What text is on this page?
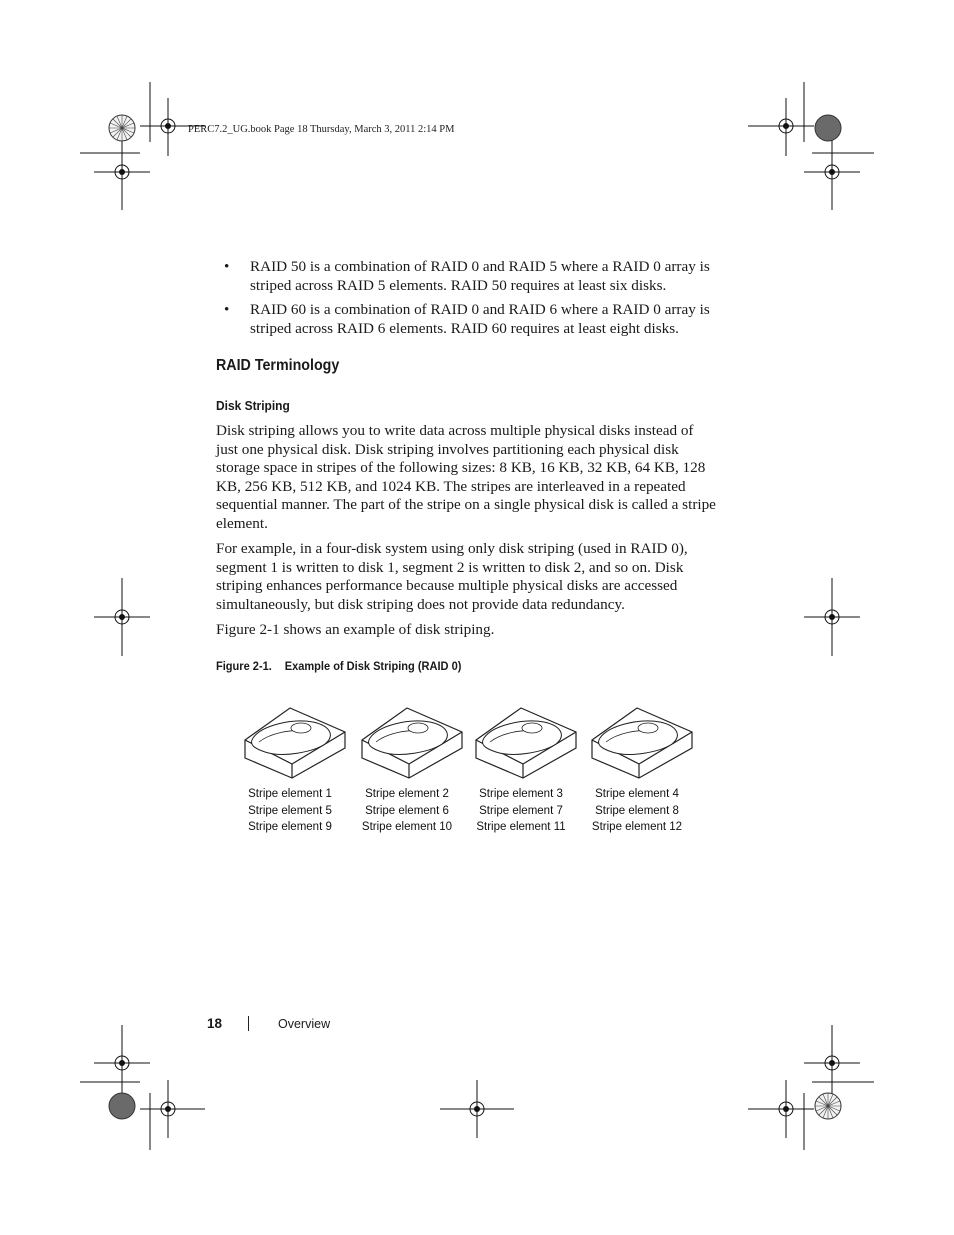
PERC7.2_UG.book Page 18 Thursday, March 3, 2011 2:14 PM
• RAID 50 is a combination of RAID 0 and RAID 5 where a RAID 0 array is striped across RAID 5 elements. RAID 50 requires at least six disks.
• RAID 60 is a combination of RAID 0 and RAID 6 where a RAID 0 array is striped across RAID 6 elements. RAID 60 requires at least eight disks.
RAID Terminology
Disk Striping

Disk striping allows you to write data across multiple physical disks instead of just one physical disk. Disk striping involves partitioning each physical disk storage space in stripes of the following sizes: 8 KB, 16 KB, 32 KB, 64 KB, 128 KB, 256 KB, 512 KB, and 1024 KB. The stripes are interleaved in a repeated sequential manner. The part of the stripe on a single physical disk is called a stripe element.

For example, in a four-disk system using only disk striping (used in RAID 0), segment 1 is written to disk 1, segment 2 is written to disk 2, and so on. Disk striping enhances performance because multiple physical disks are accessed simultaneously, but disk striping does not provide data redundancy.

Figure 2-1 shows an example of disk striping.

Figure 2-1. Example of Disk Striping (RAID 0)
Stripe element 1
Stripe element 5
Stripe element 9
Stripe element 2
Stripe element 6
Stripe element 10
Stripe element 3
Stripe element 7
Stripe element 11
Stripe element 4
Stripe element 8
Stripe element 12
18	Overview
